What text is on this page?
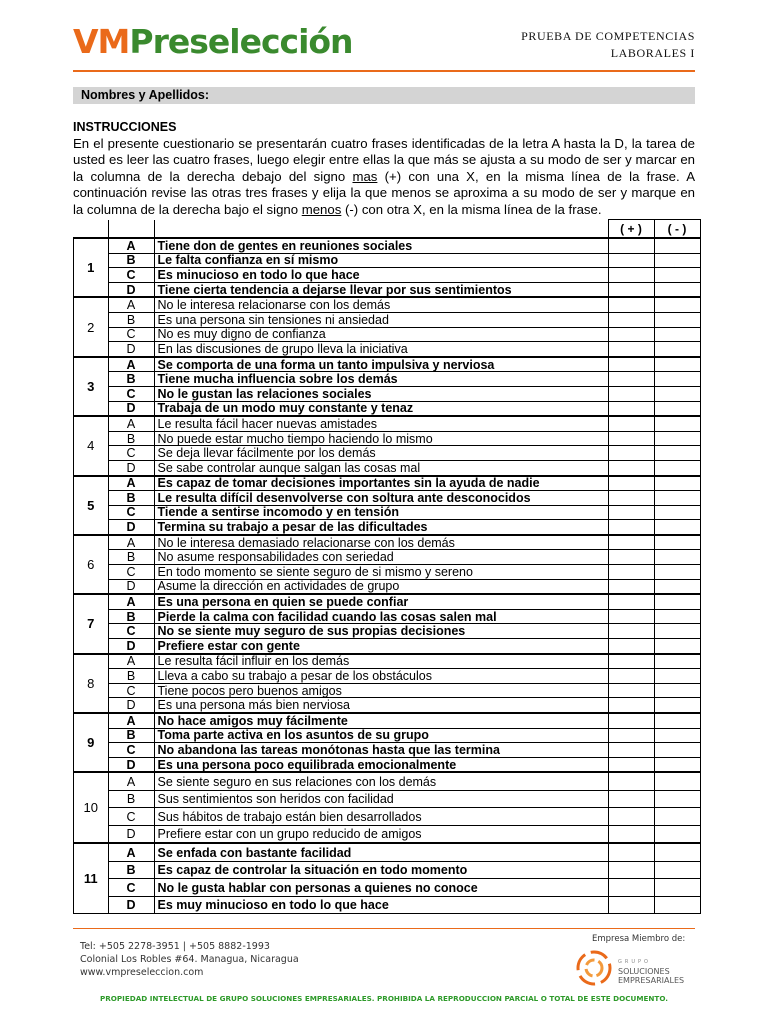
VMPreselección	PRUEBA DE COMPETENCIAS
LABORALES I
Nombres y Apellidos:
INSTRUCCIONES
En el presente cuestionario se presentarán cuatro frases identificadas de la letra A hasta la D, la tarea de usted es leer las cuatro frases, luego elegir entre ellas la que más se ajusta a su modo de ser y marcar en la columna de la derecha debajo del signo mas (+) con una X, en la misma línea de la frase. A continuación revise las otras tres frases y elija la que menos se aproxima a su modo de ser y marque en la columna de la derecha bajo el signo menos (-) con otra X, en la misma línea de la frase.
			( + )	( - )
1	A	Tiene don de gentes en reuniones sociales		
	B	Le falta confianza en sí mismo		
	C	Es minucioso en todo lo que hace		
	D	Tiene cierta tendencia a dejarse llevar por sus sentimientos		
2	A	No le interesa relacionarse con los demás		
	B	Es una persona sin tensiones ni ansiedad		
	C	No es muy digno de confianza		
	D	En las discusiones de grupo lleva la iniciativa		
3	A	Se comporta de una forma un tanto impulsiva y nerviosa		
	B	Tiene mucha influencia sobre los demás		
	C	No le gustan las relaciones sociales		
	D	Trabaja de un modo muy constante y tenaz		
4	A	Le resulta fácil hacer nuevas amistades		
	B	No puede estar mucho tiempo haciendo lo mismo		
	C	Se deja llevar fácilmente por los demás		
	D	Se sabe controlar aunque salgan las cosas mal		
5	A	Es capaz de tomar decisiones importantes sin la ayuda de nadie		
	B	Le resulta difícil desenvolverse con soltura ante desconocidos		
	C	Tiende a sentirse incomodo y en tensión		
	D	Termina su trabajo a pesar de las dificultades		
6	A	No le interesa demasiado relacionarse con los demás		
	B	No asume responsabilidades con seriedad		
	C	En todo momento se siente seguro de si mismo y sereno		
	D	Asume la dirección en actividades de grupo		
7	A	Es una persona en quien se puede confiar		
	B	Pierde la calma con facilidad cuando las cosas salen mal		
	C	No se siente muy seguro de sus propias decisiones		
	D	Prefiere estar con gente		
8	A	Le resulta fácil influir en los demás		
	B	Lleva a cabo su trabajo a pesar de los obstáculos		
	C	Tiene pocos pero buenos amigos		
	D	Es una persona más bien nerviosa		
9	A	No hace amigos muy fácilmente		
	B	Toma parte activa en los asuntos de su grupo		
	C	No abandona las tareas monótonas hasta que las termina		
	D	Es una persona poco equilibrada emocionalmente		
10	A	Se siente seguro en sus relaciones con los demás		
	B	Sus sentimientos son heridos con facilidad		
	C	Sus hábitos de trabajo están bien desarrollados		
	D	Prefiere estar con un grupo reducido de amigos		
11	A	Se enfada con bastante facilidad		
	B	Es capaz de controlar la situación en todo momento		
	C	No le gusta hablar con personas a quienes no conoce		
	D	Es muy minucioso en todo lo que hace		
Tel: +505 2278-3951 | +505 8882-1993
Colonial Los Robles #64. Managua, Nicaragua
www.vmpreseleccion.com
Empresa Miembro de:
GRUPO
SOLUCIONES
EMPRESARIALES
PROPIEDAD INTELECTUAL DE GRUPO SOLUCIONES EMPRESARIALES. PROHIBIDA LA REPRODUCCION PARCIAL O TOTAL DE ESTE DOCUMENTO.
